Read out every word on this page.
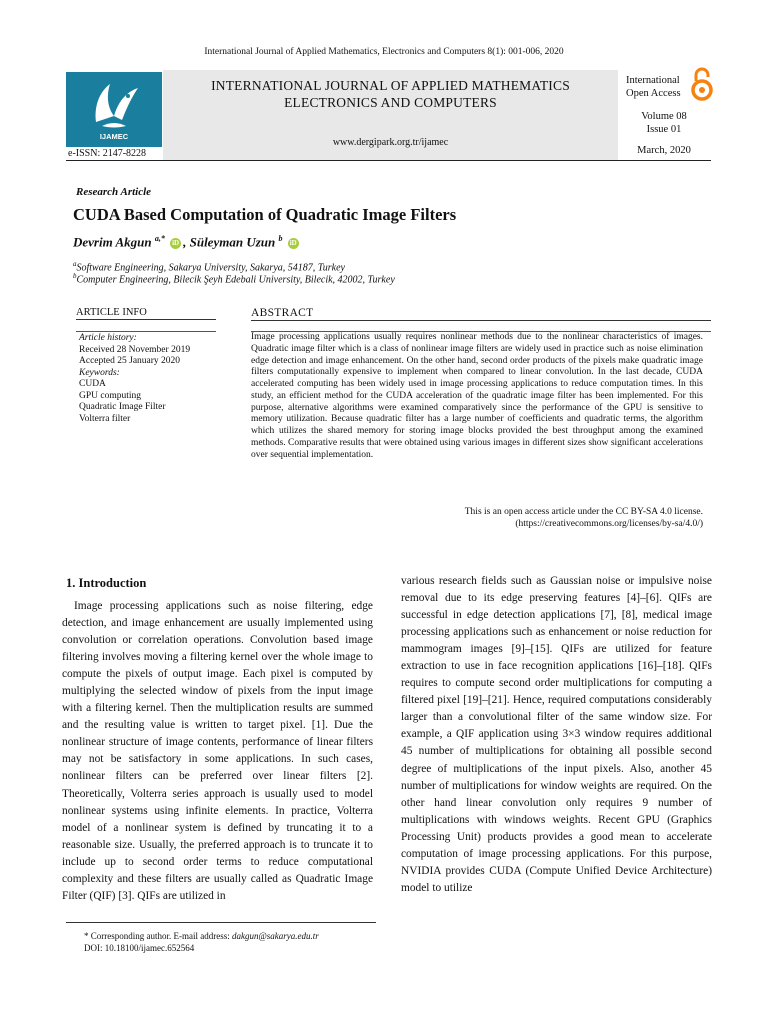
International Journal of Applied Mathematics, Electronics and Computers 8(1): 001-006, 2020
IJAMEC
e-ISSN: 2147-8228
INTERNATIONAL JOURNAL OF APPLIED MATHEMATICS
ELECTRONICS AND COMPUTERS
www.dergipark.org.tr/ijamec
International
Open Access
Volume 08
Issue 01
March, 2020
Research Article
CUDA Based Computation of Quadratic Image Filters
Devrim Akgun $^{a,*}$ iD , Süleyman Uzun $^b$ iD
$^a$Software Engineering, Sakarya University, Sakarya, 54187, Turkey
$^b$Computer Engineering, Bilecik Şeyh Edebali University, Bilecik, 42002, Turkey
ARTICLE INFO
Article history:
Received 28 November 2019
Accepted 25 January 2020
Keywords:
CUDA
GPU computing
Quadratic Image Filter
Volterra filter
ABSTRACT
Image processing applications usually requires nonlinear methods due to the nonlinear characteristics of images. Quadratic image filter which is a class of nonlinear image filters are widely used in practice such as noise elimination edge detection and image enhancement. On the other hand, second order products of the pixels make quadratic image filters computationally expensive to implement when compared to linear convolution. In the last decade, CUDA accelerated computing has been widely used in image processing applications to reduce computation times. In this study, an efficient method for the CUDA acceleration of the quadratic image filter has been implemented. For this purpose, alternative algorithms were examined comparatively since the performance of the GPU is sensitive to memory utilization. Because quadratic filter has a large number of coefficients and quadratic terms, the algorithm which utilizes the shared memory for storing image blocks provided the best throughput among the examined methods. Comparative results that were obtained using various images in different sizes show significant accelerations over sequential implementation.
This is an open access article under the CC BY-SA 4.0 license.
(https://creativecommons.org/licenses/by-sa/4.0/)
1. Introduction

Image processing applications such as noise filtering, edge detection, and image enhancement are usually implemented using convolution or correlation operations. Convolution based image filtering involves moving a filtering kernel over the whole image to compute the pixels of output image. Each pixel is computed by multiplying the selected window of pixels from the input image with a filtering kernel. Then the multiplication results are summed and the resulting value is written to target pixel. [1]. Due the nonlinear structure of image contents, performance of linear filters may not be satisfactory in some applications. In such cases, nonlinear filters can be preferred over linear filters [2]. Theoretically, Volterra series approach is usually used to model nonlinear systems using infinite elements. In practice, Volterra model of a nonlinear system is defined by truncating it to a reasonable size. Usually, the preferred approach is to truncate it to include up to second order terms to reduce computational complexity and these filters are usually called as Quadratic Image Filter (QIF) [3]. QIFs are utilized in

various research fields such as Gaussian noise or impulsive noise removal due to its edge preserving features [4]–[6]. QIFs are successful in edge detection applications [7], [8], medical image processing applications such as enhancement or noise reduction for mammogram images [9]–[15]. QIFs are utilized for feature extraction to use in face recognition applications [16]–[18]. QIFs requires to compute second order multiplications for computing a filtered pixel [19]–[21]. Hence, required computations considerably larger than a convolutional filter of the same window size. For example, a QIF application using 3×3 window requires additional 45 number of multiplications for obtaining all possible second degree of multiplications of the input pixels. Also, another 45 number of multiplications for window weights are required. On the other hand linear convolution only requires 9 number of multiplications with windows weights. Recent GPU (Graphics Processing Unit) products provides a good mean to accelerate computation of image processing applications. For this purpose, NVIDIA provides CUDA (Compute Unified Device Architecture) model to utilize

* Corresponding author. E-mail address: dakgun@sakarya.edu.tr
DOI: 10.18100/ijamec.652564
